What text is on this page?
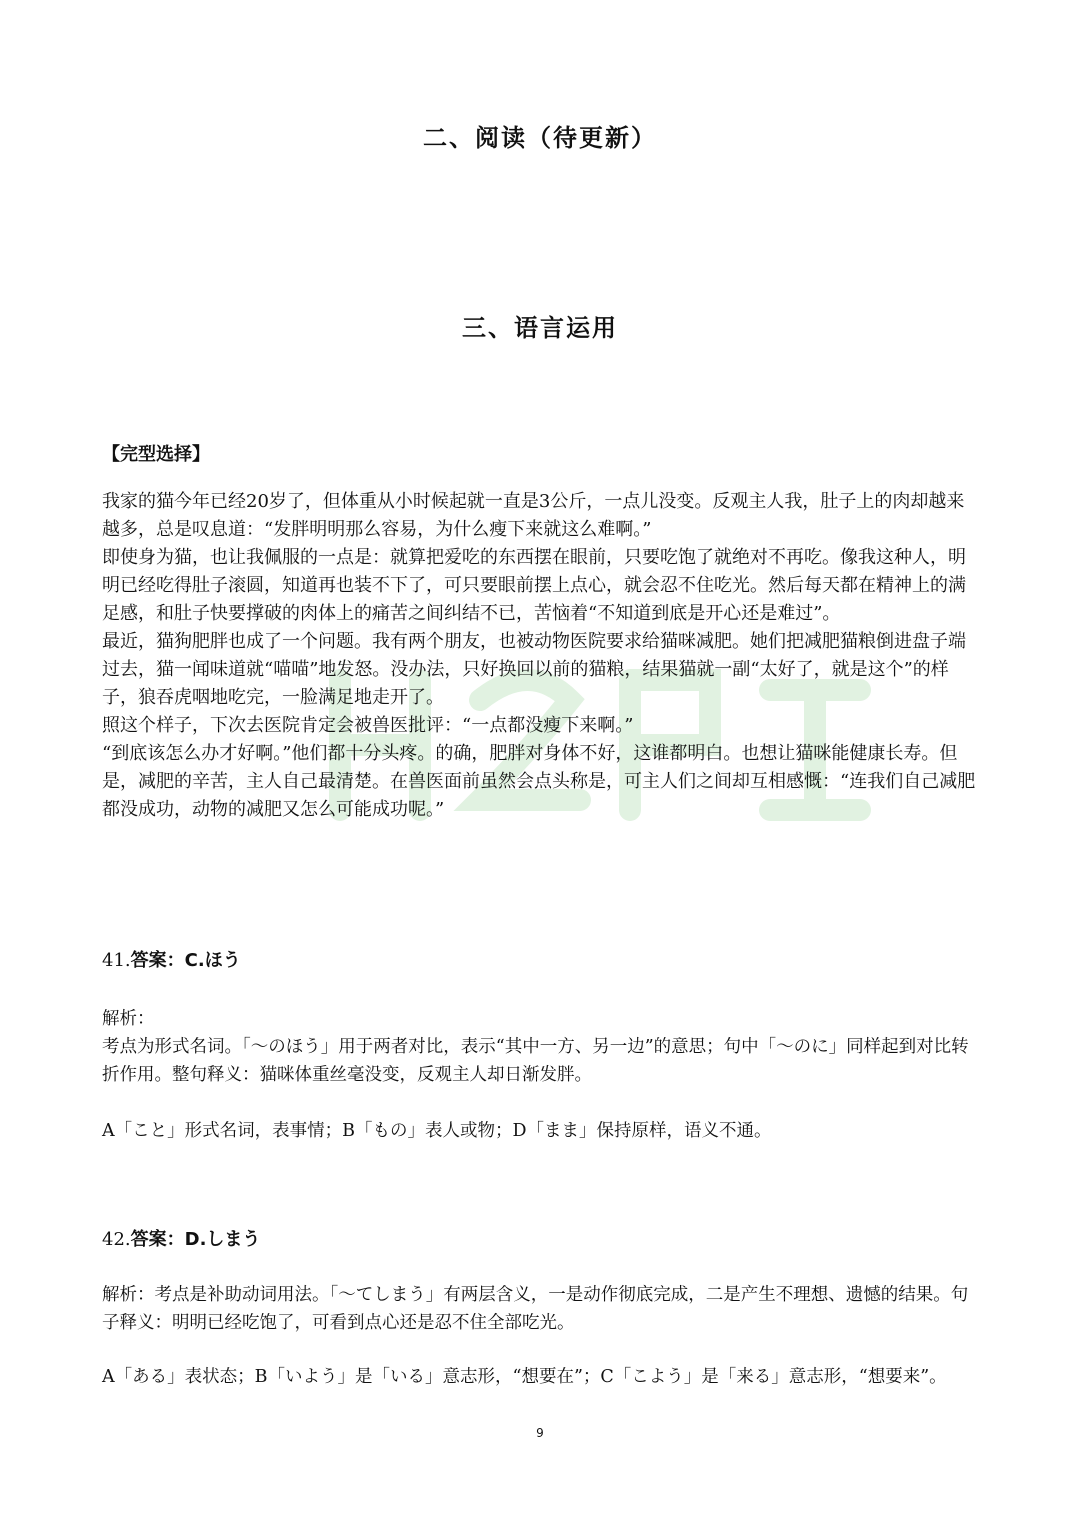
二、阅读（待更新）
三、语言运用
【完型选择】

我家的猫今年已经20岁了，但体重从小时候起就一直是3公斤，一点儿没变。反观主人我，肚子上的肉却越来越多，总是叹息道：“发胖明明那么容易，为什么瘦下来就这么难啊。”

即使身为猫，也让我佩服的一点是：就算把爱吃的东西摆在眼前，只要吃饱了就绝对不再吃。像我这种人，明明已经吃得肚子滚圆，知道再也装不下了，可只要眼前摆上点心，就会忍不住吃光。然后每天都在精神上的满足感，和肚子快要撑破的肉体上的痛苦之间纠结不已，苦恼着“不知道到底是开心还是难过”。

最近，猫狗肥胖也成了一个问题。我有两个朋友，也被动物医院要求给猫咪减肥。她们把减肥猫粮倒进盘子端过去，猫一闻味道就“喵喵”地发怒。没办法，只好换回以前的猫粮，结果猫就一副“太好了，就是这个”的样子，狼吞虎咽地吃完，一脸满足地走开了。

照这个样子，下次去医院肯定会被兽医批评：“一点都没瘦下来啊。”

“到底该怎么办才好啊。”他们都十分头疼。的确，肥胖对身体不好，这谁都明白。也想让猫咪能健康长寿。但是，减肥的辛苦，主人自己最清楚。在兽医面前虽然会点头称是，可主人们之间却互相感慨：“连我们自己减肥都没成功，动物的减肥又怎么可能成功呢。”

41.答案：C.ほう

解析：

考点为形式名词。「～のほう」用于两者对比，表示“其中一方、另一边”的意思；句中「～のに」同样起到对比转折作用。整句释义：猫咪体重丝毫没变，反观主人却日渐发胖。

A「こと」形式名词，表事情；B「もの」表人或物；D「まま」保持原样，语义不通。
42.答案：D.しまう
解析：考点是补助动词用法。「～てしまう」有两层含义，一是动作彻底完成，二是产生不理想、遗憾的结果。句子释义：明明已经吃饱了，可看到点心还是忍不住全部吃光。
A「ある」表状态；B「いよう」是「いる」意志形，“想要在”；C「こよう」是「来る」意志形，“想要来”。
9
